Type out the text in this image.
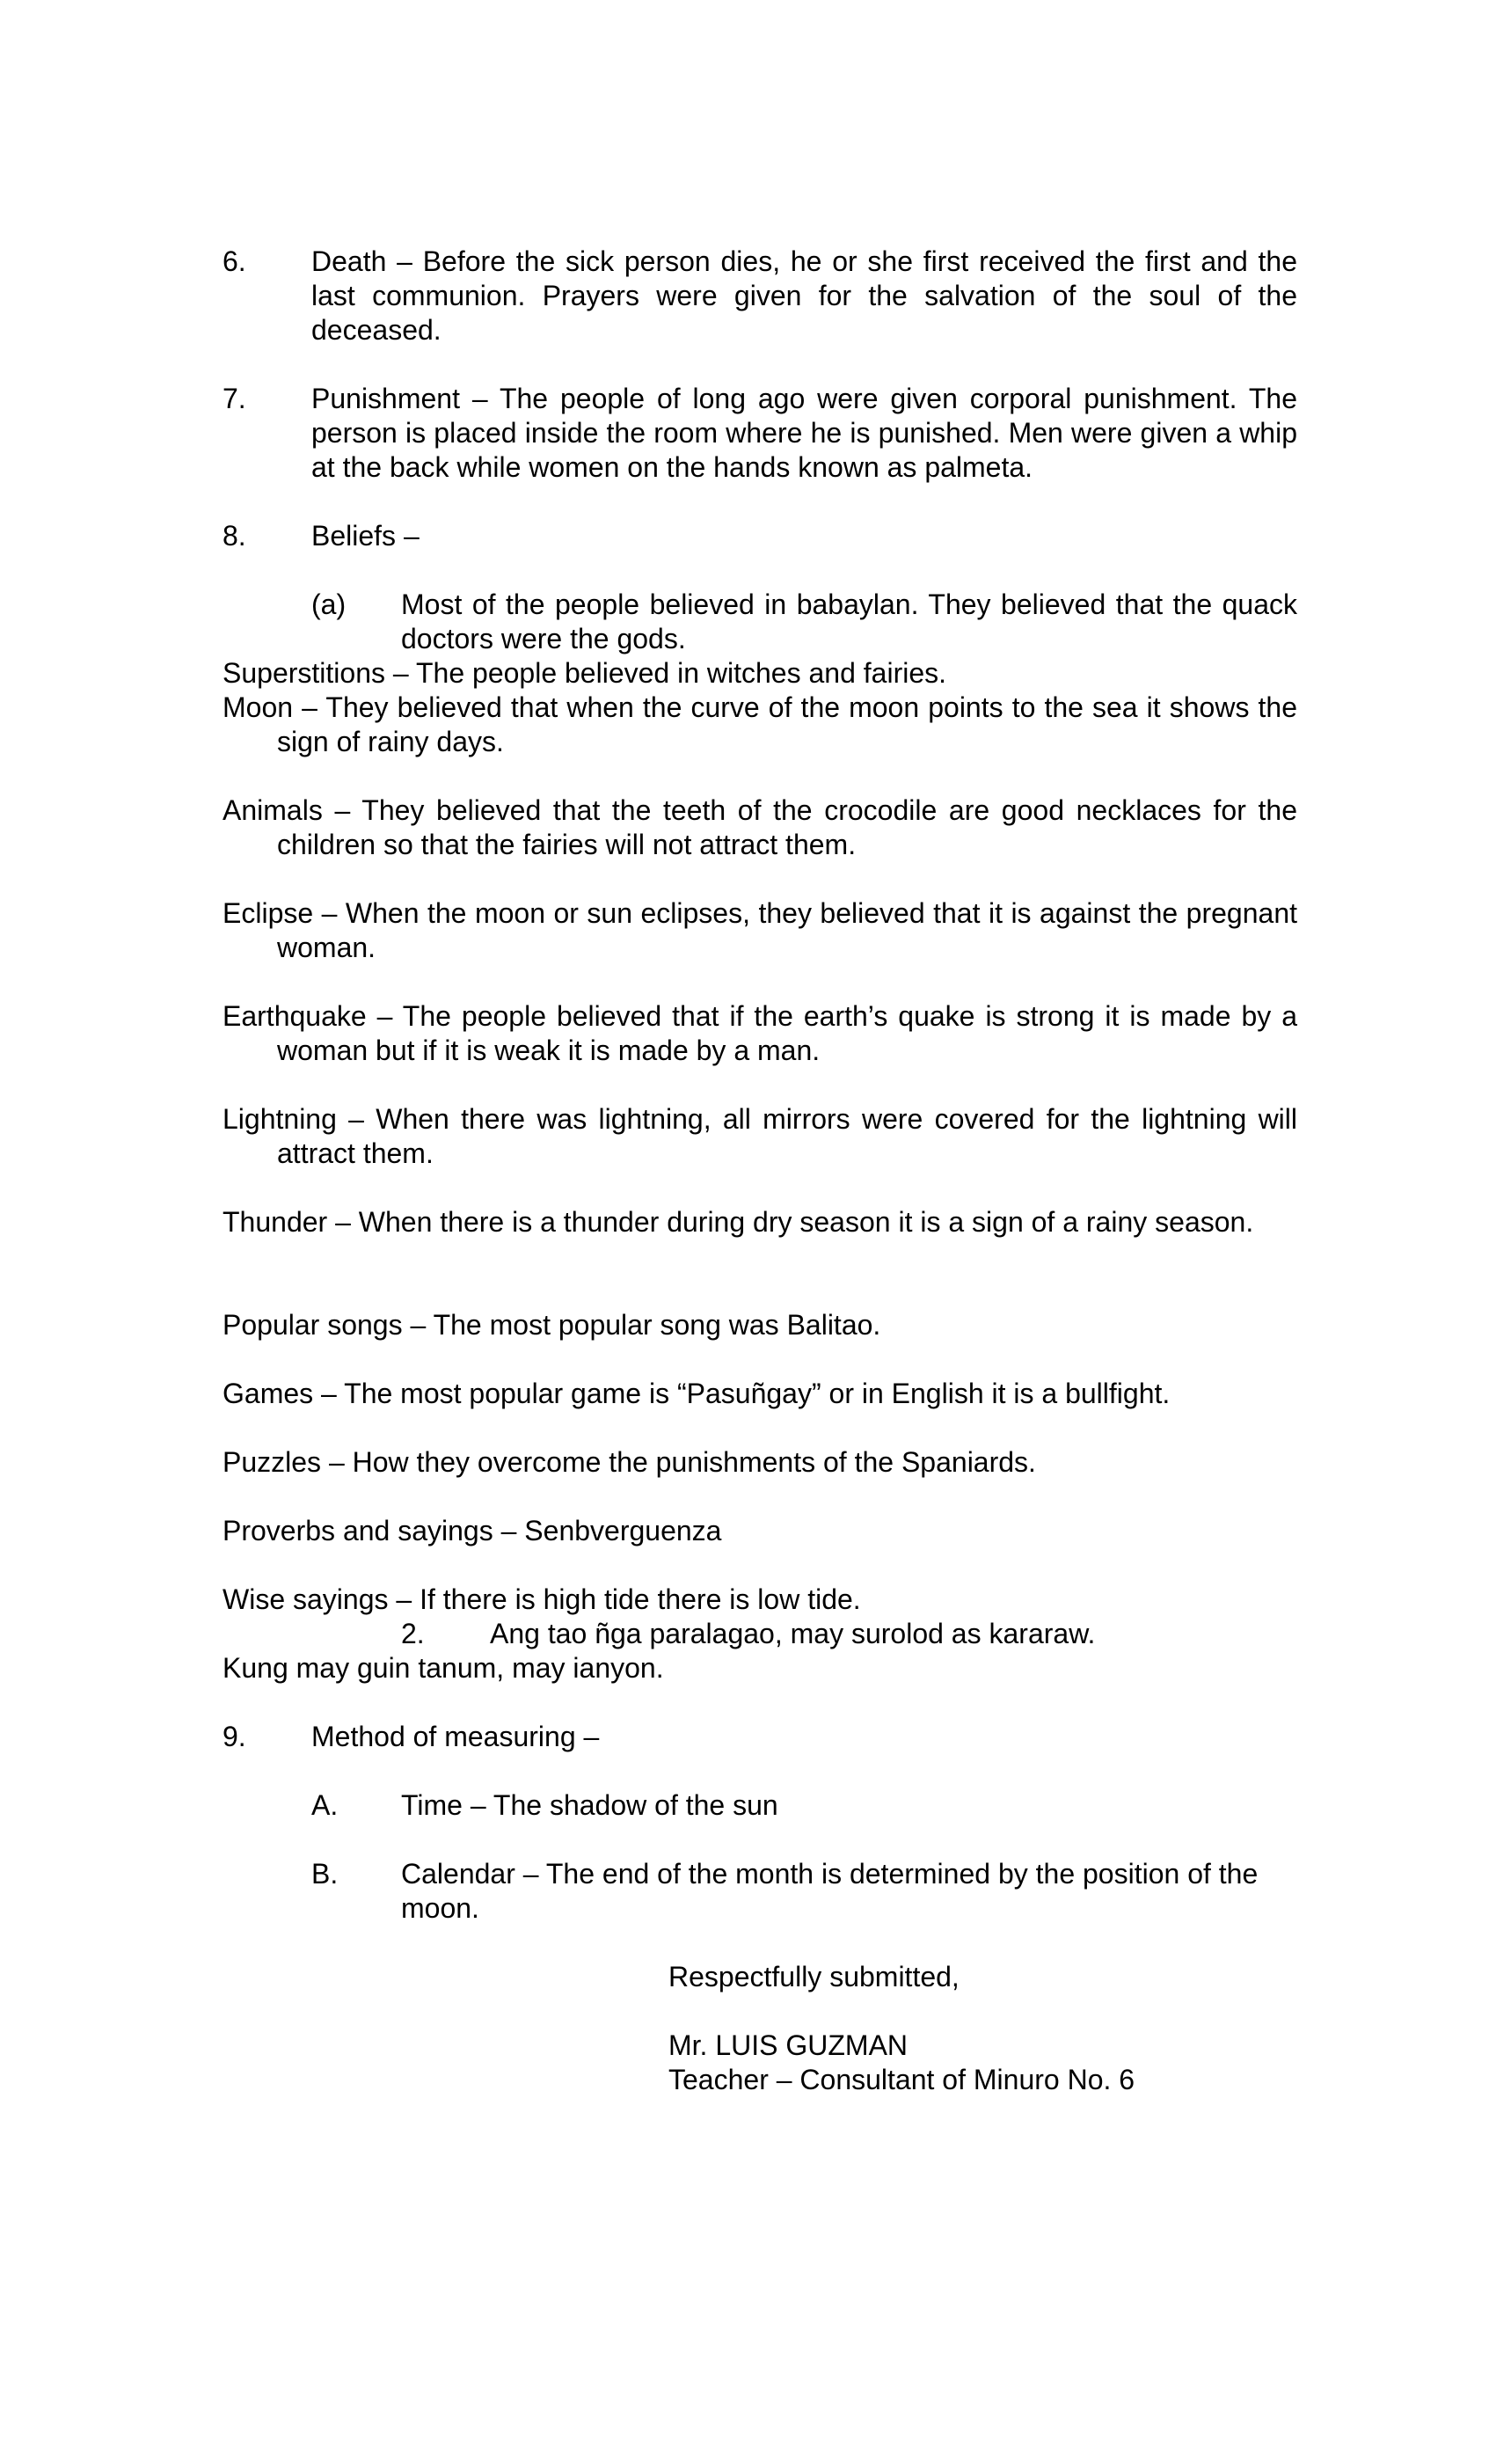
6. Death – Before the sick person dies, he or she first received the first and the last communion. Prayers were given for the salvation of the soul of the deceased.
7. Punishment – The people of long ago were given corporal punishment. The person is placed inside the room where he is punished. Men were given a whip at the back while women on the hands known as palmeta.
8. Beliefs –
(a) Most of the people believed in babaylan. They believed that the quack doctors were the gods.
Superstitions – The people believed in witches and fairies.
Moon – They believed that when the curve of the moon points to the sea it shows the sign of rainy days.
Animals – They believed that the teeth of the crocodile are good necklaces for the children so that the fairies will not attract them.
Eclipse – When the moon or sun eclipses, they believed that it is against the pregnant woman.
Earthquake – The people believed that if the earth’s quake is strong it is made by a woman but if it is weak it is made by a man.
Lightning – When there was lightning, all mirrors were covered for the lightning will attract them.
Thunder – When there is a thunder during dry season it is a sign of a rainy season.
Popular songs – The most popular song was Balitao.
Games – The most popular game is “Pasuñgay” or in English it is a bullfight.
Puzzles – How they overcome the punishments of the Spaniards.
Proverbs and sayings – Senbverguenza
Wise sayings – If there is high tide there is low tide.
2. Ang tao ñga paralagao, may surolod as kararaw.
Kung may guin tanum, may ianyon.
9. Method of measuring –
A. Time – The shadow of the sun
B. Calendar – The end of the month is determined by the position of the moon.
Respectfully submitted,
Mr. LUIS GUZMAN
Teacher – Consultant of Minuro No. 6
